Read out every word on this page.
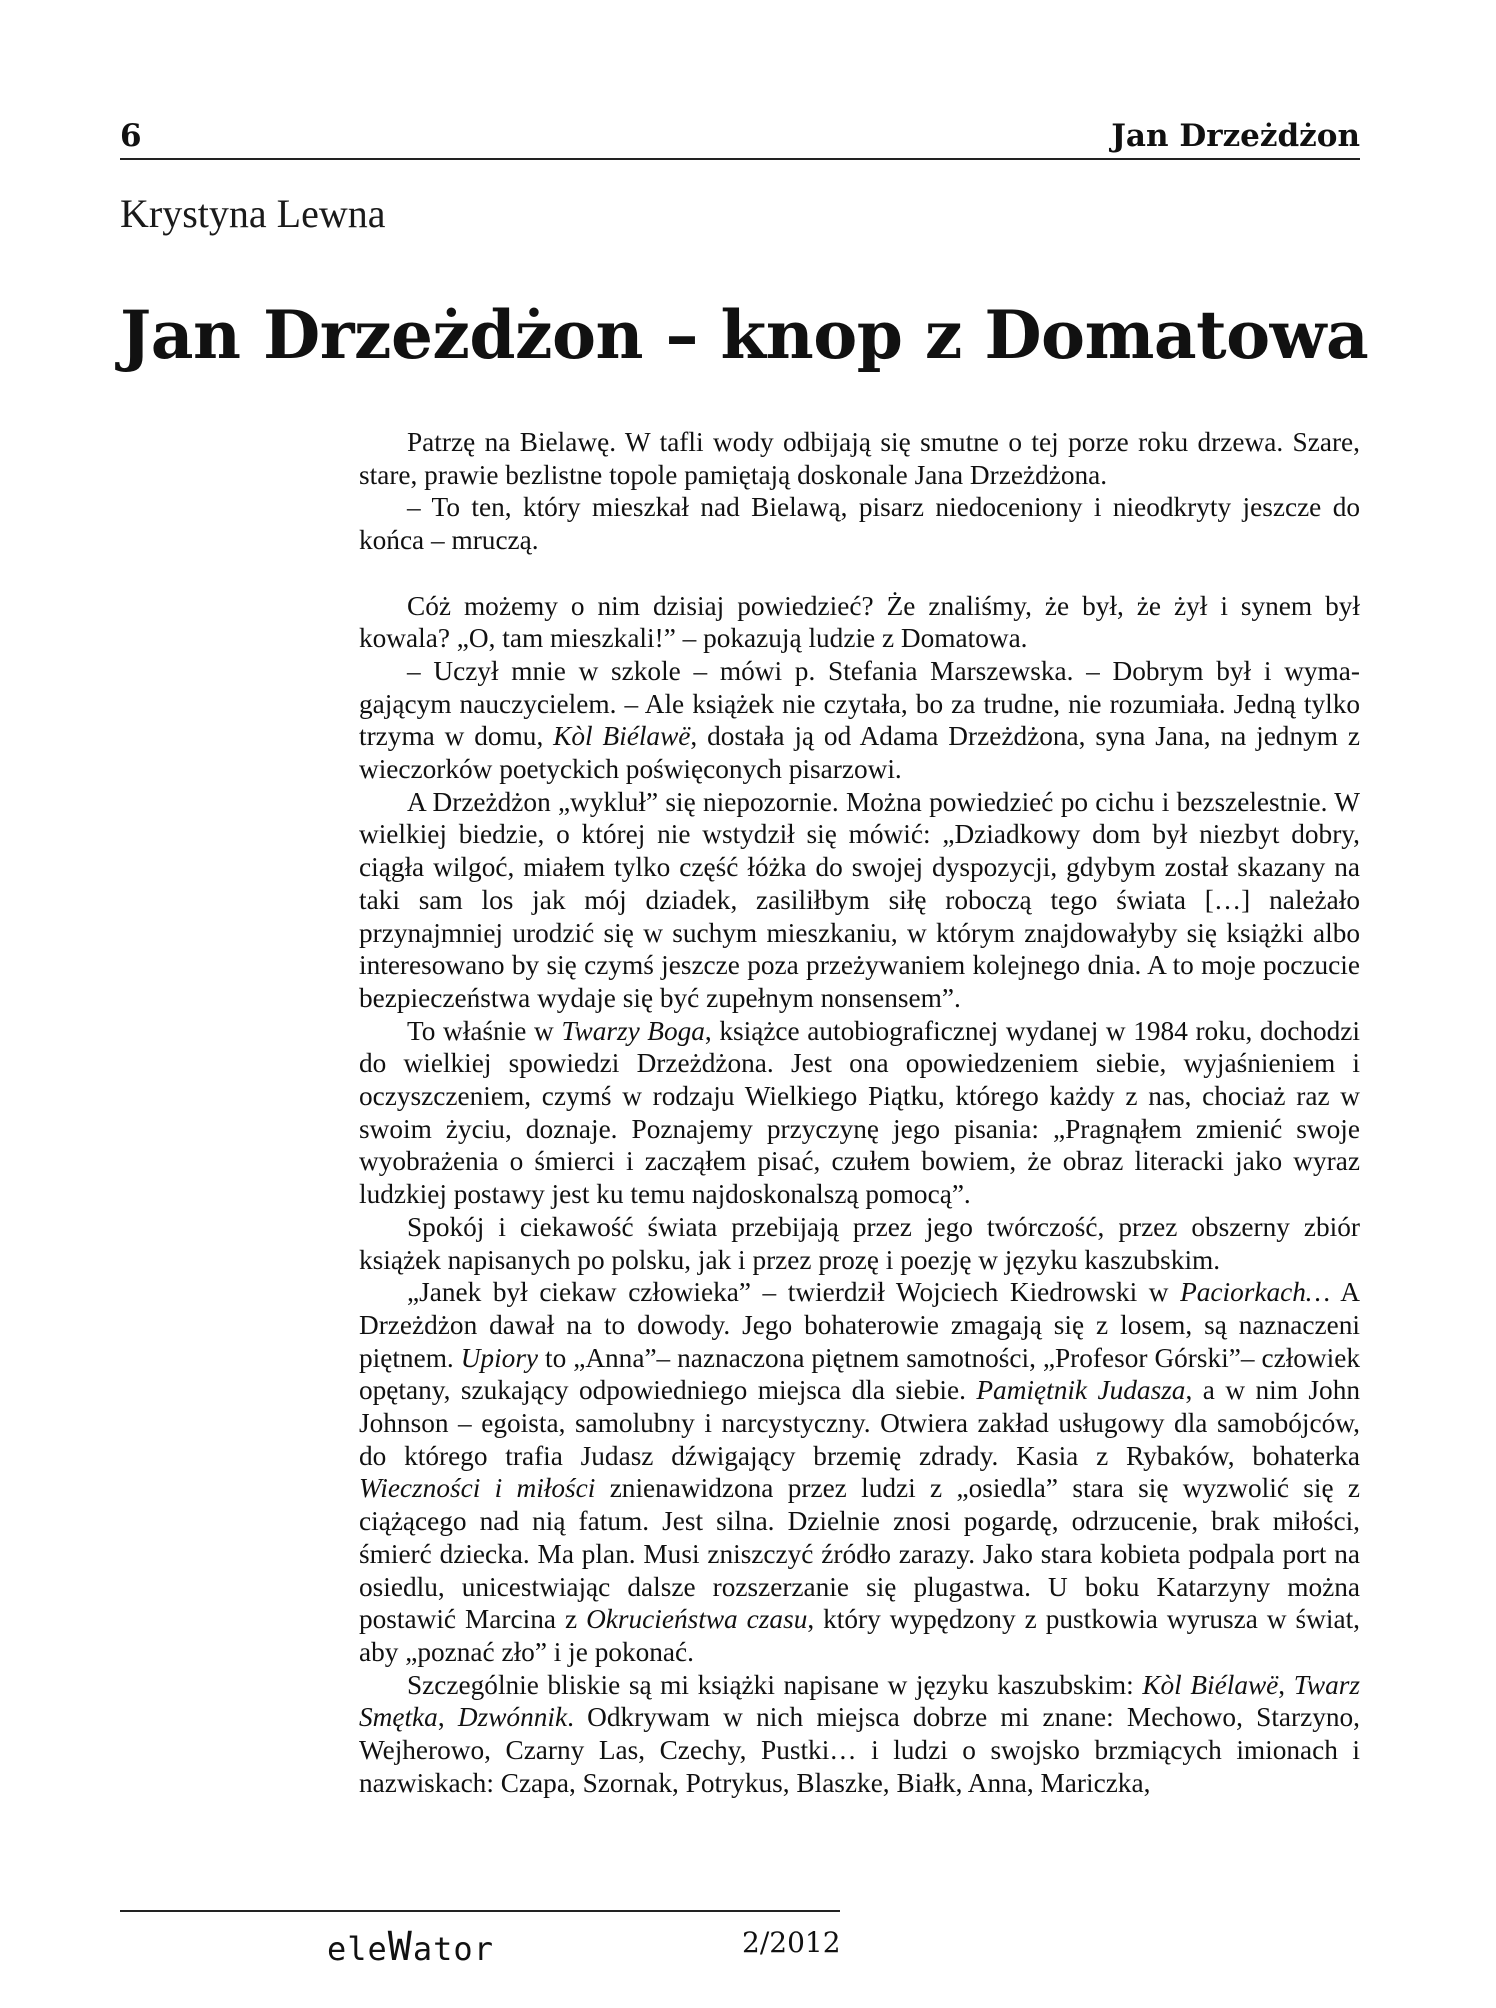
6	Jan Drzeżdżon
Krystyna Lewna
Jan Drzeżdżon – knop z Domatowa

Patrzę na Bielawę. W tafli wody odbijają się smutne o tej porze roku drzewa. Szare, stare, prawie bezlistne topole pamiętają doskonale Jana Drzeżdżona.

– To ten, który mieszkał nad Bielawą, pisarz niedoceniony i nieodkryty jeszcze do końca – mruczą.

Cóż możemy o nim dzisiaj powiedzieć? Że znaliśmy, że był, że żył i synem był kowala? „O, tam mieszkali!” – pokazują ludzie z Domatowa.

– Uczył mnie w szkole – mówi p. Stefania Marszewska. – Dobrym był i wymagającym nauczycielem. – Ale książek nie czytała, bo za trudne, nie rozumiała. Jedną tylko trzyma w domu, Kòl Biélawë, dostała ją od Adama Drzeżdżona, syna Jana, na jednym z wieczorków poetyckich poświęconych pisarzowi.

A Drzeżdżon „wykluł” się niepozornie. Można powiedzieć po cichu i bezszelestnie. W wielkiej biedzie, o której nie wstydził się mówić: „Dziadkowy dom był niezbyt dobry, ciągła wilgoć, miałem tylko część łóżka do swojej dyspozycji, gdybym został skazany na taki sam los jak mój dziadek, zasiliłbym siłę roboczą tego świata […] należało przynajmniej urodzić się w suchym mieszkaniu, w którym znajdowałyby się książki albo interesowano by się czymś jeszcze poza przeżywaniem kolejnego dnia. A to moje poczucie bezpieczeństwa wydaje się być zupełnym nonsensem”.

To właśnie w Twarzy Boga, książce autobiograficznej wydanej w 1984 roku, dochodzi do wielkiej spowiedzi Drzeżdżona. Jest ona opowiedzeniem siebie, wyjaśnieniem i oczyszczeniem, czymś w rodzaju Wielkiego Piątku, którego każdy z nas, chociaż raz w swoim życiu, doznaje. Poznajemy przyczynę jego pisania: „Pragnąłem zmienić swoje wyobrażenia o śmierci i zacząłem pisać, czułem bowiem, że obraz literacki jako wyraz ludzkiej postawy jest ku temu najdoskonalszą pomocą”.

Spokój i ciekawość świata przebijają przez jego twórczość, przez obszerny zbiór książek napisanych po polsku, jak i przez prozę i poezję w języku kaszubskim.

„Janek był ciekaw człowieka” – twierdził Wojciech Kiedrowski w Paciorkach… A Drzeżdżon dawał na to dowody. Jego bohaterowie zmagają się z losem, są naznaczeni piętnem. Upiory to „Anna”– naznaczona piętnem samotności, „Profesor Górski”– człowiek opętany, szukający odpowiedniego miejsca dla siebie. Pamiętnik Judasza, a w nim John Johnson – egoista, samolubny i narcystyczny. Otwiera zakład usługowy dla samobójców, do którego trafia Judasz dźwigający brzemię zdrady. Kasia z Rybaków, bohaterka Wieczności i miłości znienawidzona przez ludzi z „osiedla” stara się wyzwolić się z ciążącego nad nią fatum. Jest silna. Dzielnie znosi pogardę, odrzucenie, brak miłości, śmierć dziecka. Ma plan. Musi zniszczyć źródło zarazy. Jako stara kobieta podpala port na osiedlu, unicestwiając dalsze rozszerzanie się plugastwa. U boku Katarzyny można postawić Marcina z Okrucieństwa czasu, który wypędzony z pustkowia wyrusza w świat, aby „poznać zło” i je pokonać.

Szczególnie bliskie są mi książki napisane w języku kaszubskim: Kòl Biélawë, Twarz Smętka, Dzwónnik. Odkrywam w nich miejsca dobrze mi znane: Mechowo, Starzyno, Wejherowo, Czarny Las, Czechy, Pustki… i ludzi o swojsko brzmiących imionach i nazwiskach: Czapa, Szornak, Potrykus, Blaszke, Białk, Anna, Mariczka,

eleWator	2/2012
